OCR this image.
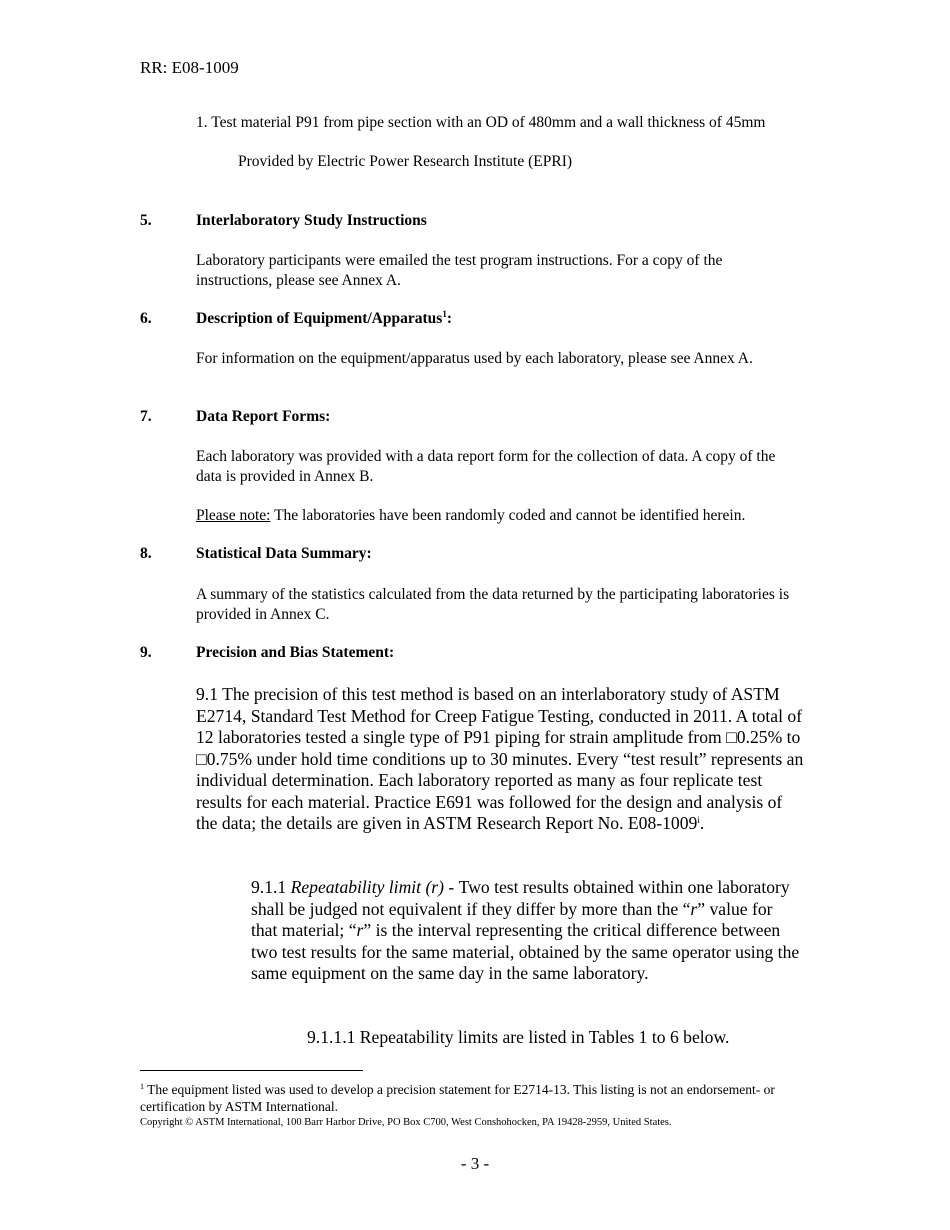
RR: E08-1009
1. Test material P91 from pipe section with an OD of 480mm and a wall thickness of 45mm
Provided by Electric Power Research Institute (EPRI)
5.	Interlaboratory Study Instructions
Laboratory participants were emailed the test program instructions. For a copy of the instructions, please see Annex A.
6.	Description of Equipment/Apparatus$^1$:
For information on the equipment/apparatus used by each laboratory, please see Annex A.
7.	Data Report Forms:
Each laboratory was provided with a data report form for the collection of data. A copy of the data is provided in Annex B.
Please note: The laboratories have been randomly coded and cannot be identified herein.
8.	Statistical Data Summary:
A summary of the statistics calculated from the data returned by the participating laboratories is provided in Annex C.
9.	Precision and Bias Statement:
9.1 The precision of this test method is based on an interlaboratory study of ASTM E2714, Standard Test Method for Creep Fatigue Testing, conducted in 2011. A total of 12 laboratories tested a single type of P91 piping for strain amplitude from □0.25% to □0.75% under hold time conditions up to 30 minutes. Every “test result” represents an individual determination. Each laboratory reported as many as four replicate test results for each material. Practice E691 was followed for the design and analysis of the data; the details are given in ASTM Research Report No. E08-1009$^i$.
9.1.1 Repeatability limit (r) - Two test results obtained within one laboratory shall be judged not equivalent if they differ by more than the “r” value for that material; “r” is the interval representing the critical difference between two test results for the same material, obtained by the same operator using the same equipment on the same day in the same laboratory.
9.1.1.1 Repeatability limits are listed in Tables 1 to 6 below.
$^1$ The equipment listed was used to develop a precision statement for E2714-13. This listing is not an endorsement- or certification by ASTM International.
Copyright © ASTM International, 100 Barr Harbor Drive, PO Box C700, West Conshohocken, PA 19428-2959, United States.
- 3 -
